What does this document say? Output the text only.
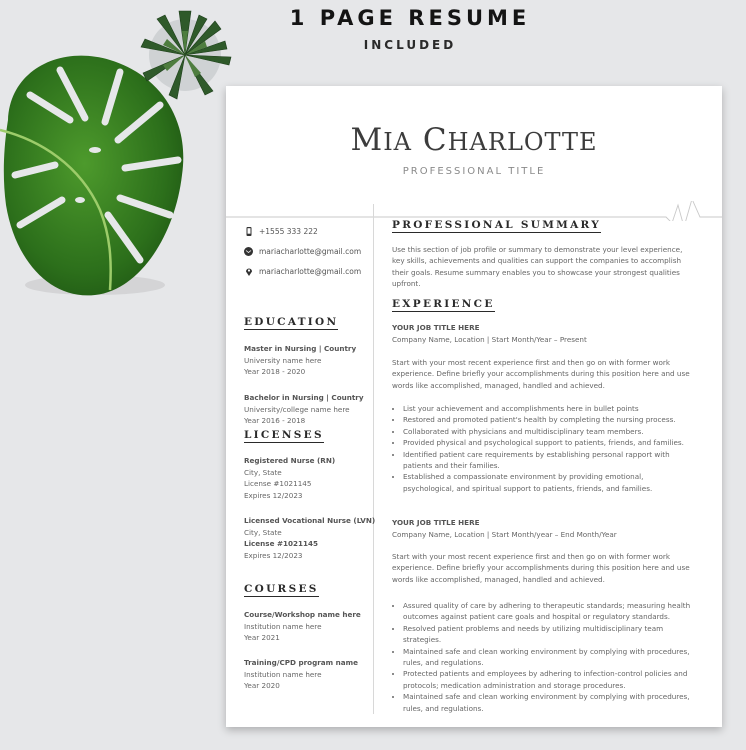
1 PAGE RESUME
INCLUDED
MIA CHARLOTTE
PROFESSIONAL TITLE
+1555 333 222
mariacharlotte@gmail.com
mariacharlotte@gmail.com
EDUCATION
Master in Nursing | Country
University name here
Year 2018 - 2020
Bachelor in Nursing | Country
University/college name here
Year 2016 - 2018
LICENSES
Registered Nurse (RN)
City, State
License #1021145
Expires 12/2023
Licensed Vocational Nurse (LVN)
City, State
License #1021145
Expires 12/2023
COURSES
Course/Workshop name here
Institution name here
Year 2021
Training/CPD program name
Institution name here
Year 2020
PROFESSIONAL SUMMARY
Use this section of job profile or summary to demonstrate your level experience, key skills, achievements and qualities can support the companies to accomplish their goals. Resume summary enables you to showcase your strongest qualities upfront.
EXPERIENCE
YOUR JOB TITLE HERE
Company Name, Location | Start Month/Year – Present
Start with your most recent experience first and then go on with former work experience. Define briefly your accomplishments during this position here and use words like accomplished, managed, handled and achieved.
• List your achievement and accomplishments here in bullet points
• Restored and promoted patient's health by completing the nursing process.
• Collaborated with physicians and multidisciplinary team members.
• Provided physical and psychological support to patients, friends, and families.
• Identified patient care requirements by establishing personal rapport with patients and their families.
• Established a compassionate environment by providing emotional, psychological, and spiritual support to patients, friends, and families.
YOUR JOB TITLE HERE
Company Name, Location | Start Month/year – End Month/Year
Start with your most recent experience first and then go on with former work experience. Define briefly your accomplishments during this position here and use words like accomplished, managed, handled and achieved.
• Assured quality of care by adhering to therapeutic standards; measuring health outcomes against patient care goals and hospital or regulatory standards.
• Resolved patient problems and needs by utilizing multidisciplinary team strategies.
• Maintained safe and clean working environment by complying with procedures, rules, and regulations.
• Protected patients and employees by adhering to infection-control policies and protocols; medication administration and storage procedures.
• Maintained safe and clean working environment by complying with procedures, rules, and regulations.
